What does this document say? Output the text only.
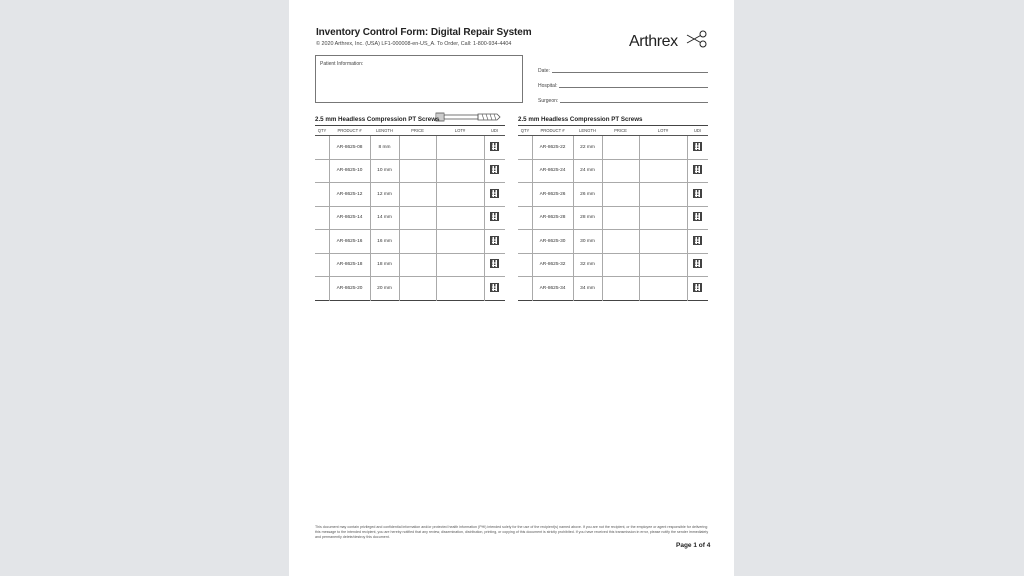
Inventory Control Form: Digital Repair System
© 2020 Arthrex, Inc. (USA) LF1-000008-en-US_A. To Order, Call: 1-800-934-4404	Arthrex
Patient Information:
Date:
Hospital:
Surgeon:
2.5 mm Headless Compression PT Screws
QTY	PRODUCT #	LENGTH	PRICE	LOT#	UDI
	AR-8625-08	8 mm			
	AR-8625-10	10 mm			
	AR-8625-12	12 mm			
	AR-8625-14	14 mm			
	AR-8625-16	16 mm			
	AR-8625-18	18 mm			
	AR-8625-20	20 mm			
2.5 mm Headless Compression PT Screws
QTY	PRODUCT #	LENGTH	PRICE	LOT#	UDI
	AR-8625-22	22 mm			
	AR-8625-24	24 mm			
	AR-8625-26	26 mm			
	AR-8625-28	28 mm			
	AR-8625-30	30 mm			
	AR-8625-32	32 mm			
	AR-8625-34	34 mm			
This document may contain privileged and confidential information and/or protected health information (PHI) intended solely for the use of the recipient(s) named above. If you are not the recipient, or the employee or agent responsible for delivering this message to the intended recipient, you are hereby notified that any review, dissemination, distribution, printing, or copying of this document is strictly prohibited. If you have received this transmission in error, please notify the sender immediately and permanently delete/destroy this document.
Page 1 of 4
